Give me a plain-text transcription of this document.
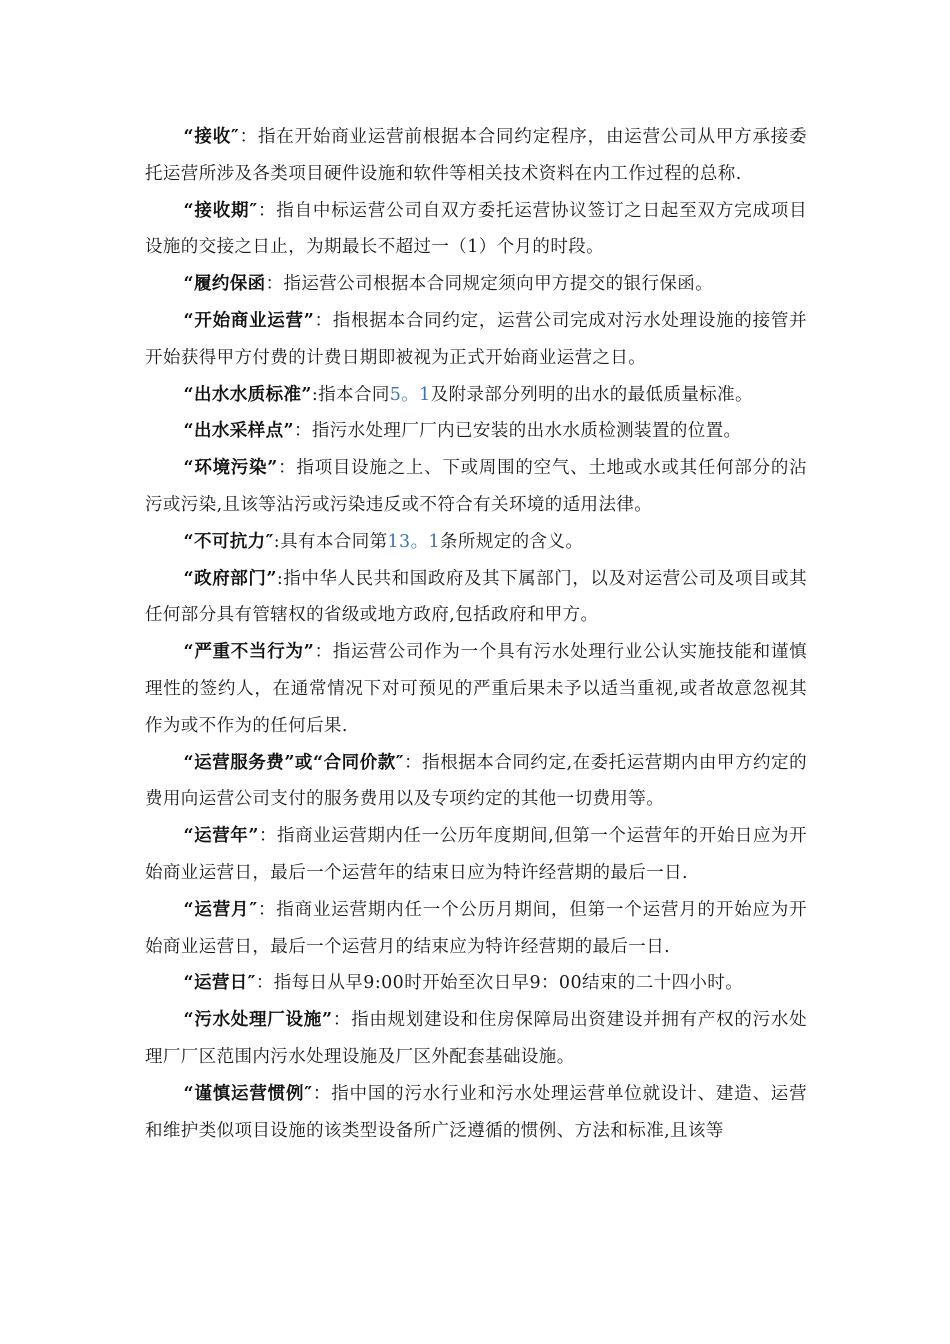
“接收″：指在开始商业运营前根据本合同约定程序，由运营公司从甲方承接委托运营所涉及各类项目硬件设施和软件等相关技术资料在内工作过程的总称.

“接收期″：指自中标运营公司自双方委托运营协议签订之日起至双方完成项目设施的交接之日止，为期最长不超过一（1）个月的时段。

“履约保函：指运营公司根据本合同规定须向甲方提交的银行保函。

“开始商业运营”：指根据本合同约定，运营公司完成对污水处理设施的接管并开始获得甲方付费的计费日期即被视为正式开始商业运营之日。

“出水水质标准”:指本合同5。1及附录部分列明的出水的最低质量标准。

“出水采样点”：指污水处理厂厂内已安装的出水水质检测装置的位置。

“环境污染”：指项目设施之上、下或周围的空气、土地或水或其任何部分的沾污或污染,且该等沾污或污染违反或不符合有关环境的适用法律。

“不可抗力″:具有本合同第13。1条所规定的含义。

“政府部门”:指中华人民共和国政府及其下属部门，以及对运营公司及项目或其任何部分具有管辖权的省级或地方政府,包括政府和甲方。

“严重不当行为”：指运营公司作为一个具有污水处理行业公认实施技能和谨慎理性的签约人，在通常情况下对可预见的严重后果未予以适当重视,或者故意忽视其作为或不作为的任何后果.

“运营服务费”或“合同价款″：指根据本合同约定,在委托运营期内由甲方约定的费用向运营公司支付的服务费用以及专项约定的其他一切费用等。

“运营年”：指商业运营期内任一公历年度期间,但第一个运营年的开始日应为开始商业运营日，最后一个运营年的结束日应为特许经营期的最后一日.

“运营月″：指商业运营期内任一个公历月期间，但第一个运营月的开始应为开始商业运营日，最后一个运营月的结束应为特许经营期的最后一日.

“运营日″：指每日从早9:00时开始至次日早9：00结束的二十四小时。

“污水处理厂设施”：指由规划建设和住房保障局出资建设并拥有产权的污水处理厂厂区范围内污水处理设施及厂区外配套基础设施。

“谨慎运营惯例″：指中国的污水行业和污水处理运营单位就设计、建造、运营和维护类似项目设施的该类型设备所广泛遵循的惯例、方法和标准,且该等
